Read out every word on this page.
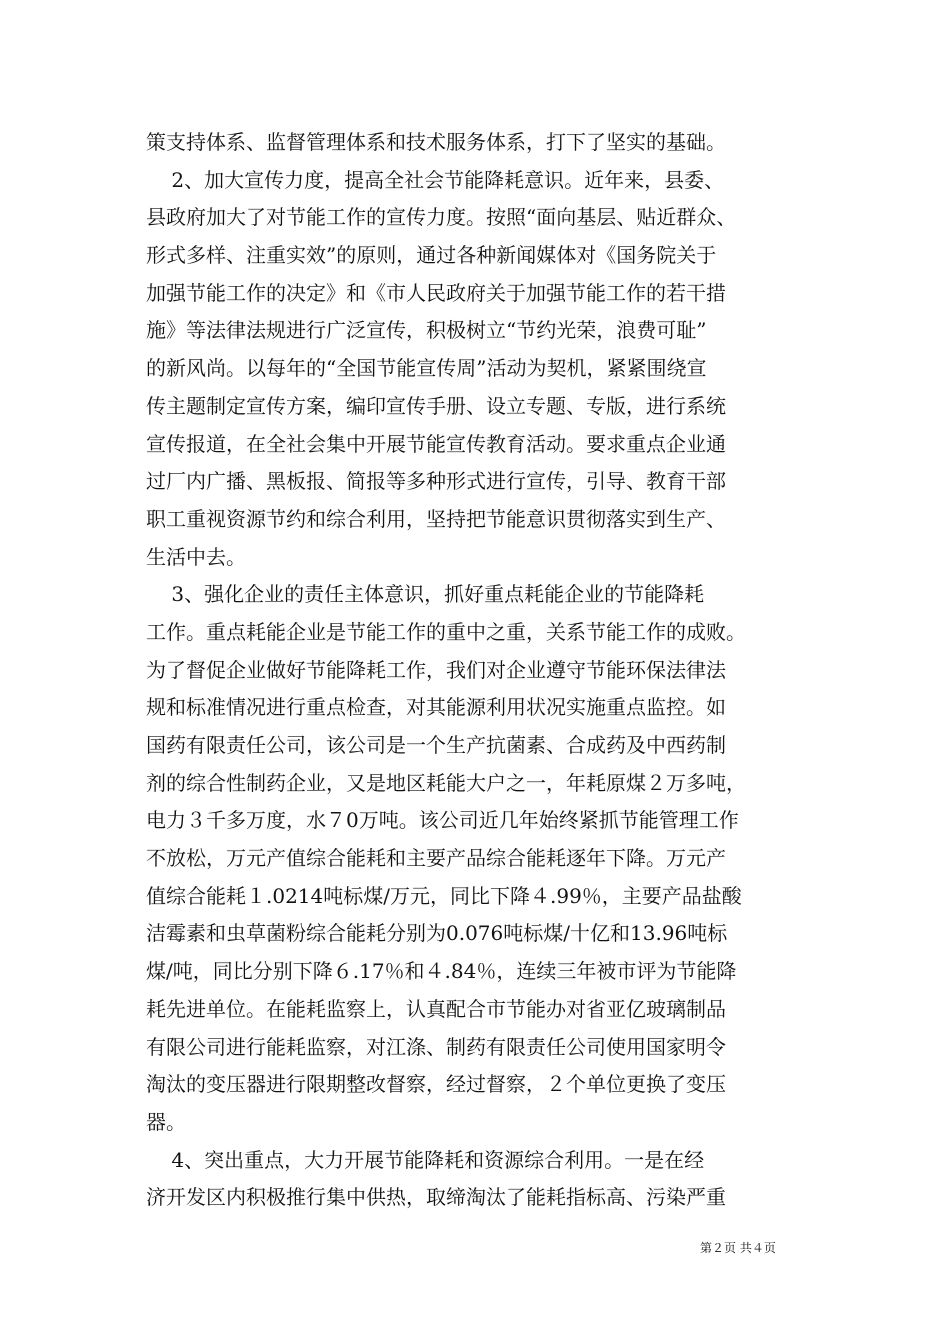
策支持体系、监督管理体系和技术服务体系，打下了坚实的基础。
2、加大宣传力度，提高全社会节能降耗意识。近年来，县委、
县政府加大了对节能工作的宣传力度。按照“面向基层、贴近群众、
形式多样、注重实效”的原则，通过各种新闻媒体对《国务院关于
加强节能工作的决定》和《市人民政府关于加强节能工作的若干措
施》等法律法规进行广泛宣传，积极树立“节约光荣，浪费可耻”
的新风尚。以每年的“全国节能宣传周”活动为契机，紧紧围绕宣
传主题制定宣传方案，编印宣传手册、设立专题、专版，进行系统
宣传报道，在全社会集中开展节能宣传教育活动。要求重点企业通
过厂内广播、黑板报、简报等多种形式进行宣传，引导、教育干部
职工重视资源节约和综合利用，坚持把节能意识贯彻落实到生产、
生活中去。
3、强化企业的责任主体意识，抓好重点耗能企业的节能降耗
工作。重点耗能企业是节能工作的重中之重，关系节能工作的成败。
为了督促企业做好节能降耗工作，我们对企业遵守节能环保法律法
规和标准情况进行重点检查，对其能源利用状况实施重点监控。如
国药有限责任公司，该公司是一个生产抗菌素、合成药及中西药制
剂的综合性制药企业，又是地区耗能大户之一，年耗原煤２万多吨，
电力３千多万度，水７0万吨。该公司近几年始终紧抓节能管理工作
不放松，万元产值综合能耗和主要产品综合能耗逐年下降。万元产
值综合能耗１.0214吨标煤/万元，同比下降４.99％，主要产品盐酸
洁霉素和虫草菌粉综合能耗分别为0.076吨标煤/十亿和13.96吨标
煤/吨，同比分别下降６.17％和４.84％，连续三年被市评为节能降
耗先进单位。在能耗监察上，认真配合市节能办对省亚亿玻璃制品
有限公司进行能耗监察，对江涤、制药有限责任公司使用国家明令
淘汰的变压器进行限期整改督察，经过督察，２个单位更换了变压
器。
4、突出重点，大力开展节能降耗和资源综合利用。一是在经
济开发区内积极推行集中供热，取缔淘汰了能耗指标高、污染严重
第２页 共４页
